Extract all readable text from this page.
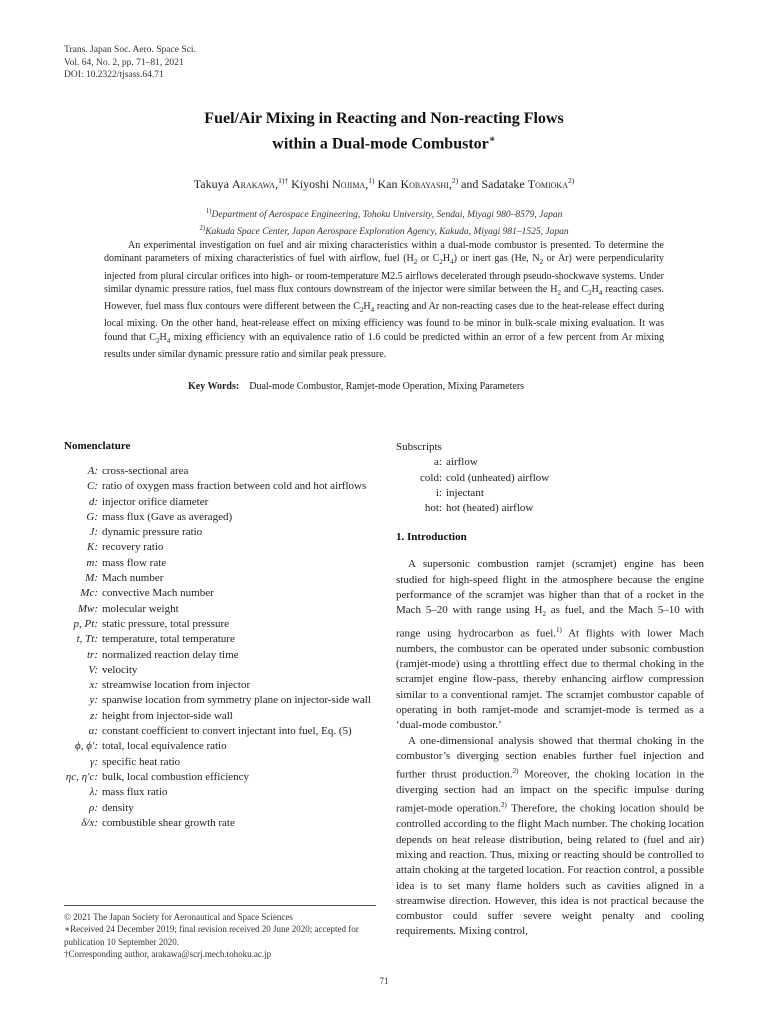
Trans. Japan Soc. Aero. Space Sci.
Vol. 64, No. 2, pp. 71–81, 2021
DOI: 10.2322/tjsass.64.71
Fuel/Air Mixing in Reacting and Non-reacting Flows
within a Dual-mode Combustor∗
Takuya Arakawa,$^{1)\dagger}$ Kiyoshi Nojima,$^{1)}$ Kan Kobayashi,$^{2)}$ and Sadatake Tomioka$^{2)}$
$^{1)}$Department of Aerospace Engineering, Tohoku University, Sendai, Miyagi 980–8579, Japan
$^{2)}$Kakuda Space Center, Japan Aerospace Exploration Agency, Kakuda, Miyagi 981–1525, Japan
An experimental investigation on fuel and air mixing characteristics within a dual-mode combustor is presented. To determine the dominant parameters of mixing characteristics of fuel with airflow, fuel ($H_2$ or $C_2H_4$) or inert gas (He, $N_2$ or Ar) were perpendicularity injected from plural circular orifices into high- or room-temperature M2.5 airflows decelerated through pseudo-shockwave systems. Under similar dynamic pressure ratios, fuel mass flux contours downstream of the injector were similar between the $H_2$ and $C_2H_4$ reacting cases. However, fuel mass flux contours were different between the $C_2H_4$ reacting and Ar non-reacting cases due to the heat-release effect during local mixing. On the other hand, heat-release effect on mixing efficiency was found to be minor in bulk-scale mixing evaluation. It was found that $C_2H_4$ mixing efficiency with an equivalence ratio of 1.6 could be predicted within an error of a few percent from Ar mixing results under similar dynamic pressure ratio and similar peak pressure.
Key Words: Dual-mode Combustor, Ramjet-mode Operation, Mixing Parameters
Nomenclature
A: cross-sectional area
C: ratio of oxygen mass fraction between cold and hot airflows
d: injector orifice diameter
G: mass flux (Gave as averaged)
J: dynamic pressure ratio
K: recovery ratio
m: mass flow rate
M: Mach number
Mc: convective Mach number
Mw: molecular weight
p, Pt: static pressure, total pressure
t, Tt: temperature, total temperature
tr: normalized reaction delay time
V: velocity
x: streamwise location from injector
y: spanwise location from symmetry plane on injector-side wall
z: height from injector-side wall
α: constant coefficient to convert injectant into fuel, Eq. (5)
ϕ, ϕ′: total, local equivalence ratio
γ: specific heat ratio
ηc, η′c: bulk, local combustion efficiency
λ: mass flux ratio
ρ: density
δ/x: combustible shear growth rate
Subscripts
a: airflow
cold: cold (unheated) airflow
i: injectant
hot: hot (heated) airflow
1. Introduction

A supersonic combustion ramjet (scramjet) engine has been studied for high-speed flight in the atmosphere because the engine performance of the scramjet was higher than that of a rocket in the Mach 5–20 with range using $H_2$ as fuel, and the Mach 5–10 with range using hydrocarbon as fuel.$^{1)}$ At flights with lower Mach numbers, the combustor can be operated under subsonic combustion (ramjet-mode) using a throttling effect due to thermal choking in the scramjet engine flow-pass, thereby enhancing airflow compression similar to a conventional ramjet. The scramjet combustor capable of operating in both ramjet-mode and scramjet-mode is termed as a ‘dual-mode combustor.’

A one-dimensional analysis showed that thermal choking in the combustor’s diverging section enables further fuel injection and further thrust production.$^{2)}$ Moreover, the choking location in the diverging section had an impact on the specific impulse during ramjet-mode operation.$^{2)}$ Therefore, the choking location should be controlled according to the flight Mach number. The choking location depends on heat release distribution, being related to (fuel and air) mixing and reaction. Thus, mixing or reacting should be controlled to attain choking at the targeted location. For reaction control, a possible idea is to set many flame holders such as cavities aligned in a streamwise direction. However, this idea is not practical because the combustor could suffer severe weight penalty and cooling requirements. Mixing control,

© 2021 The Japan Society for Aeronautical and Space Sciences

∗Received 24 December 2019; final revision received 20 June 2020; accepted for publication 10 September 2020.

†Corresponding author, arakawa@scrj.mech.tohoku.ac.jp

71
